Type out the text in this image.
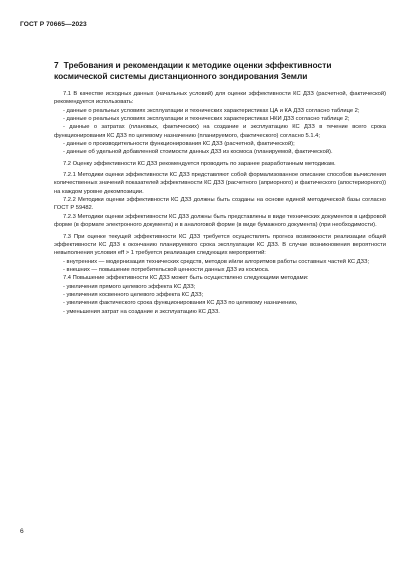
ГОСТ Р 70665—2023
7 Требования и рекомендации к методике оценки эффективности космической системы дистанционного зондирования Земли

7.1 В качестве исходных данных (начальных условий) для оценки эффективности КС ДЗЗ (расчетной, фактической) рекомендуется использовать:

- данные о реальных условиях эксплуатации и технических характеристиках ЦА и КА ДЗЗ согласно таблице 2;

- данные о реальных условиях эксплуатации и технических характеристиках НКИ ДЗЗ согласно таблице 2;

- данные о затратах (плановых, фактических) на создание и эксплуатацию КС ДЗЗ в течение всего срока функционирования КС ДЗЗ по целевому назначению (планируемого, фактического) согласно 5.1.4;

- данные о производительности функционирования КС ДЗЗ (расчетной, фактической);

- данные об удельной добавленной стоимости данных ДЗЗ из космоса (планируемой, фактической).

7.2 Оценку эффективности КС ДЗЗ рекомендуется проводить по заранее разработанным методикам.

7.2.1 Методики оценки эффективности КС ДЗЗ представляют собой формализованное описание способов вычисления количественных значений показателей эффективности КС ДЗЗ (расчетного (априорного) и фактического (апостериорного)) на каждом уровне декомпозиции.

7.2.2 Методики оценки эффективности КС ДЗЗ должны быть созданы на основе единой методической базы согласно ГОСТ Р 59482.

7.2.3 Методики оценки эффективности КС ДЗЗ должны быть представлены в виде технических документов в цифровой форме (в формате электронного документа) и в аналоговой форме (в виде бумажного документа) (при необходимости).

7.3 При оценке текущей эффективности КС ДЗЗ требуется осуществлять прогноз возможности реализации общей эффективности КС ДЗЗ к окончанию планируемого срока эксплуатации КС ДЗЗ. В случае возникновения вероятности невыполнения условия eff > 1 требуется реализация следующих мероприятий:

- внутренних — модернизация технических средств, методов и/или алгоритмов работы составных частей КС ДЗЗ;

- внешних — повышение потребительской ценности данных ДЗЗ из космоса.

7.4 Повышение эффективности КС ДЗЗ может быть осуществлено следующими методами:

- увеличения прямого целевого эффекта КС ДЗЗ;

- увеличения косвенного целевого эффекта КС ДЗЗ;

- увеличения фактического срока функционирования КС ДЗЗ по целевому назначению,

- уменьшения затрат на создание и эксплуатацию КС ДЗЗ.

6
